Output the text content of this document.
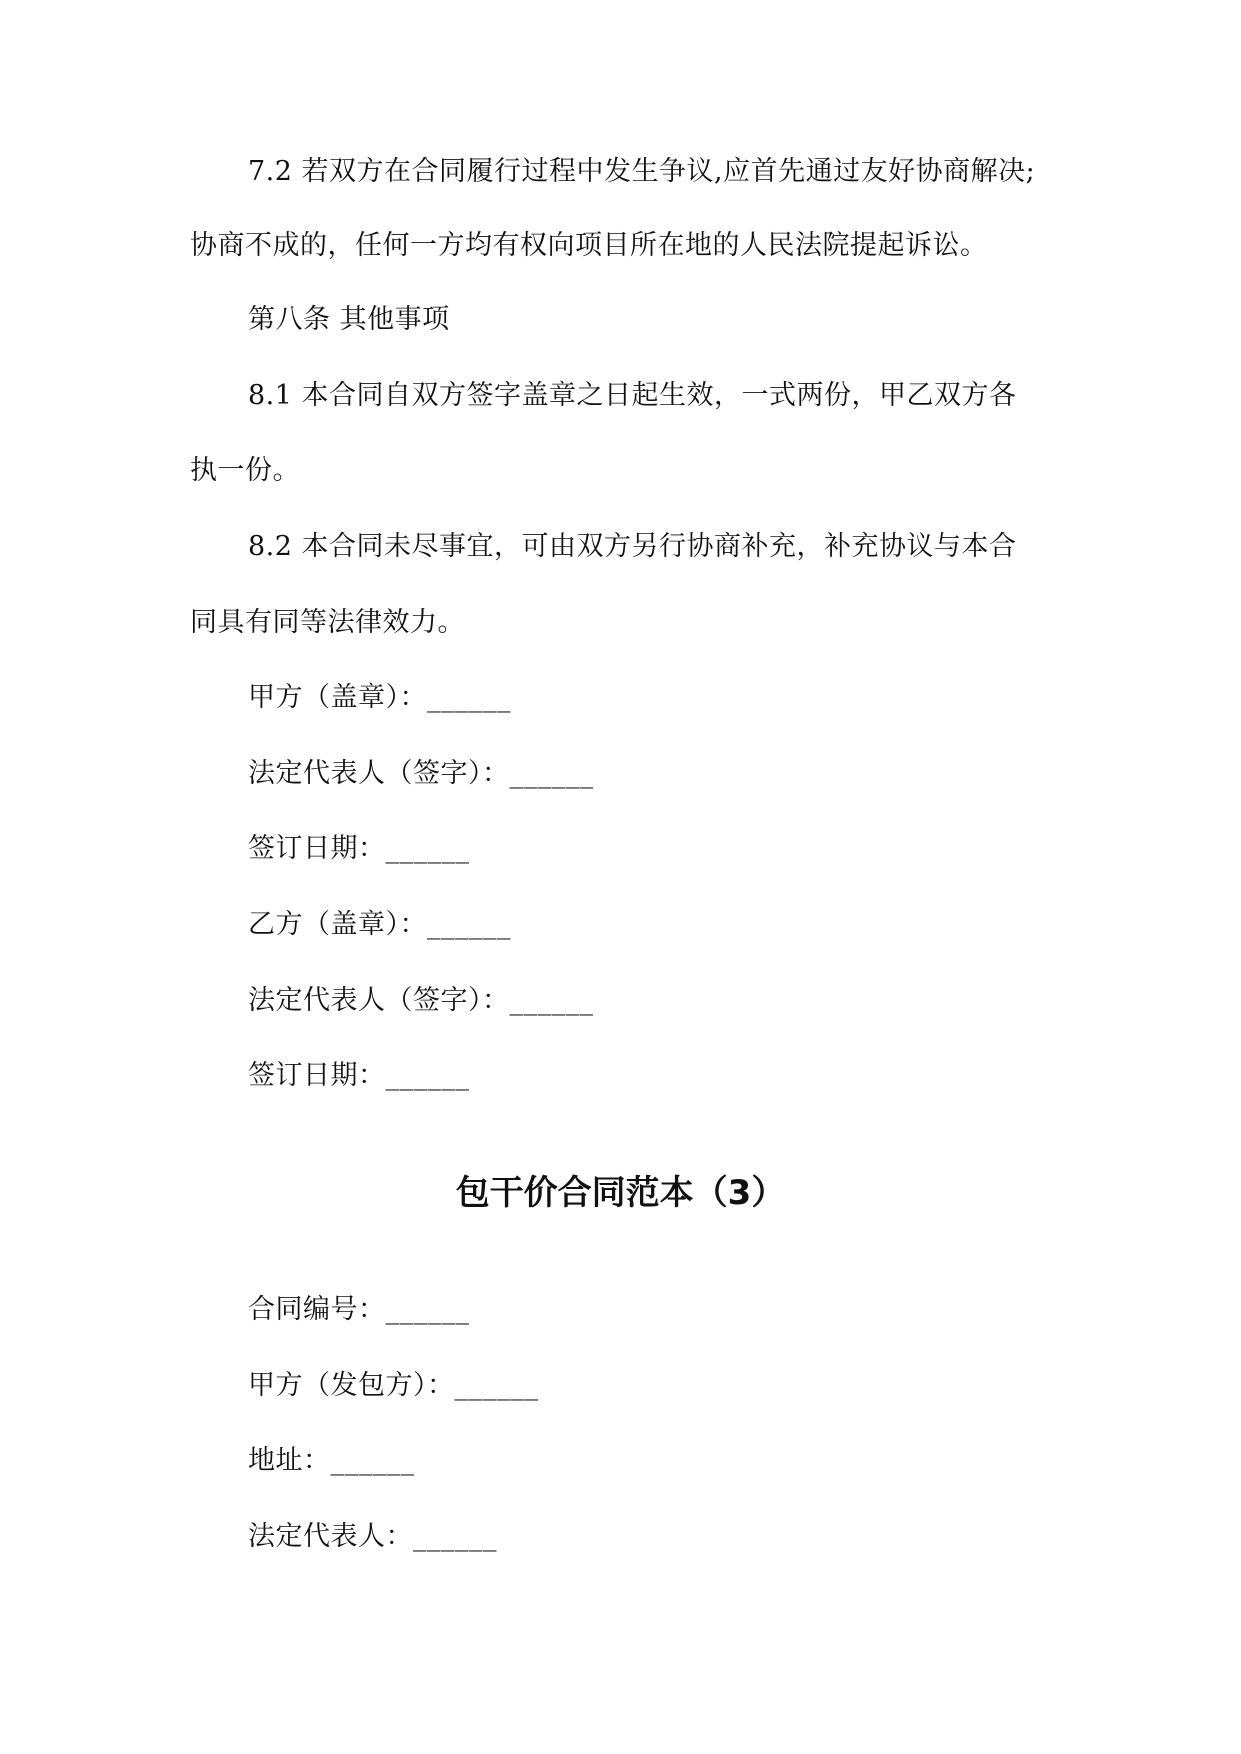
7.2 若双方在合同履行过程中发生争议,应首先通过友好协商解决;
协商不成的，任何一方均有权向项目所在地的人民法院提起诉讼。
第八条 其他事项
8.1 本合同自双方签字盖章之日起生效，一式两份，甲乙双方各
执一份。
8.2 本合同未尽事宜，可由双方另行协商补充，补充协议与本合
同具有同等法律效力。
甲方（盖章）：______
法定代表人（签字）：______
签订日期：______
乙方（盖章）：______
法定代表人（签字）：______
签订日期：______
包干价合同范本（3）
合同编号：______
甲方（发包方）：______
地址：______
法定代表人：______
